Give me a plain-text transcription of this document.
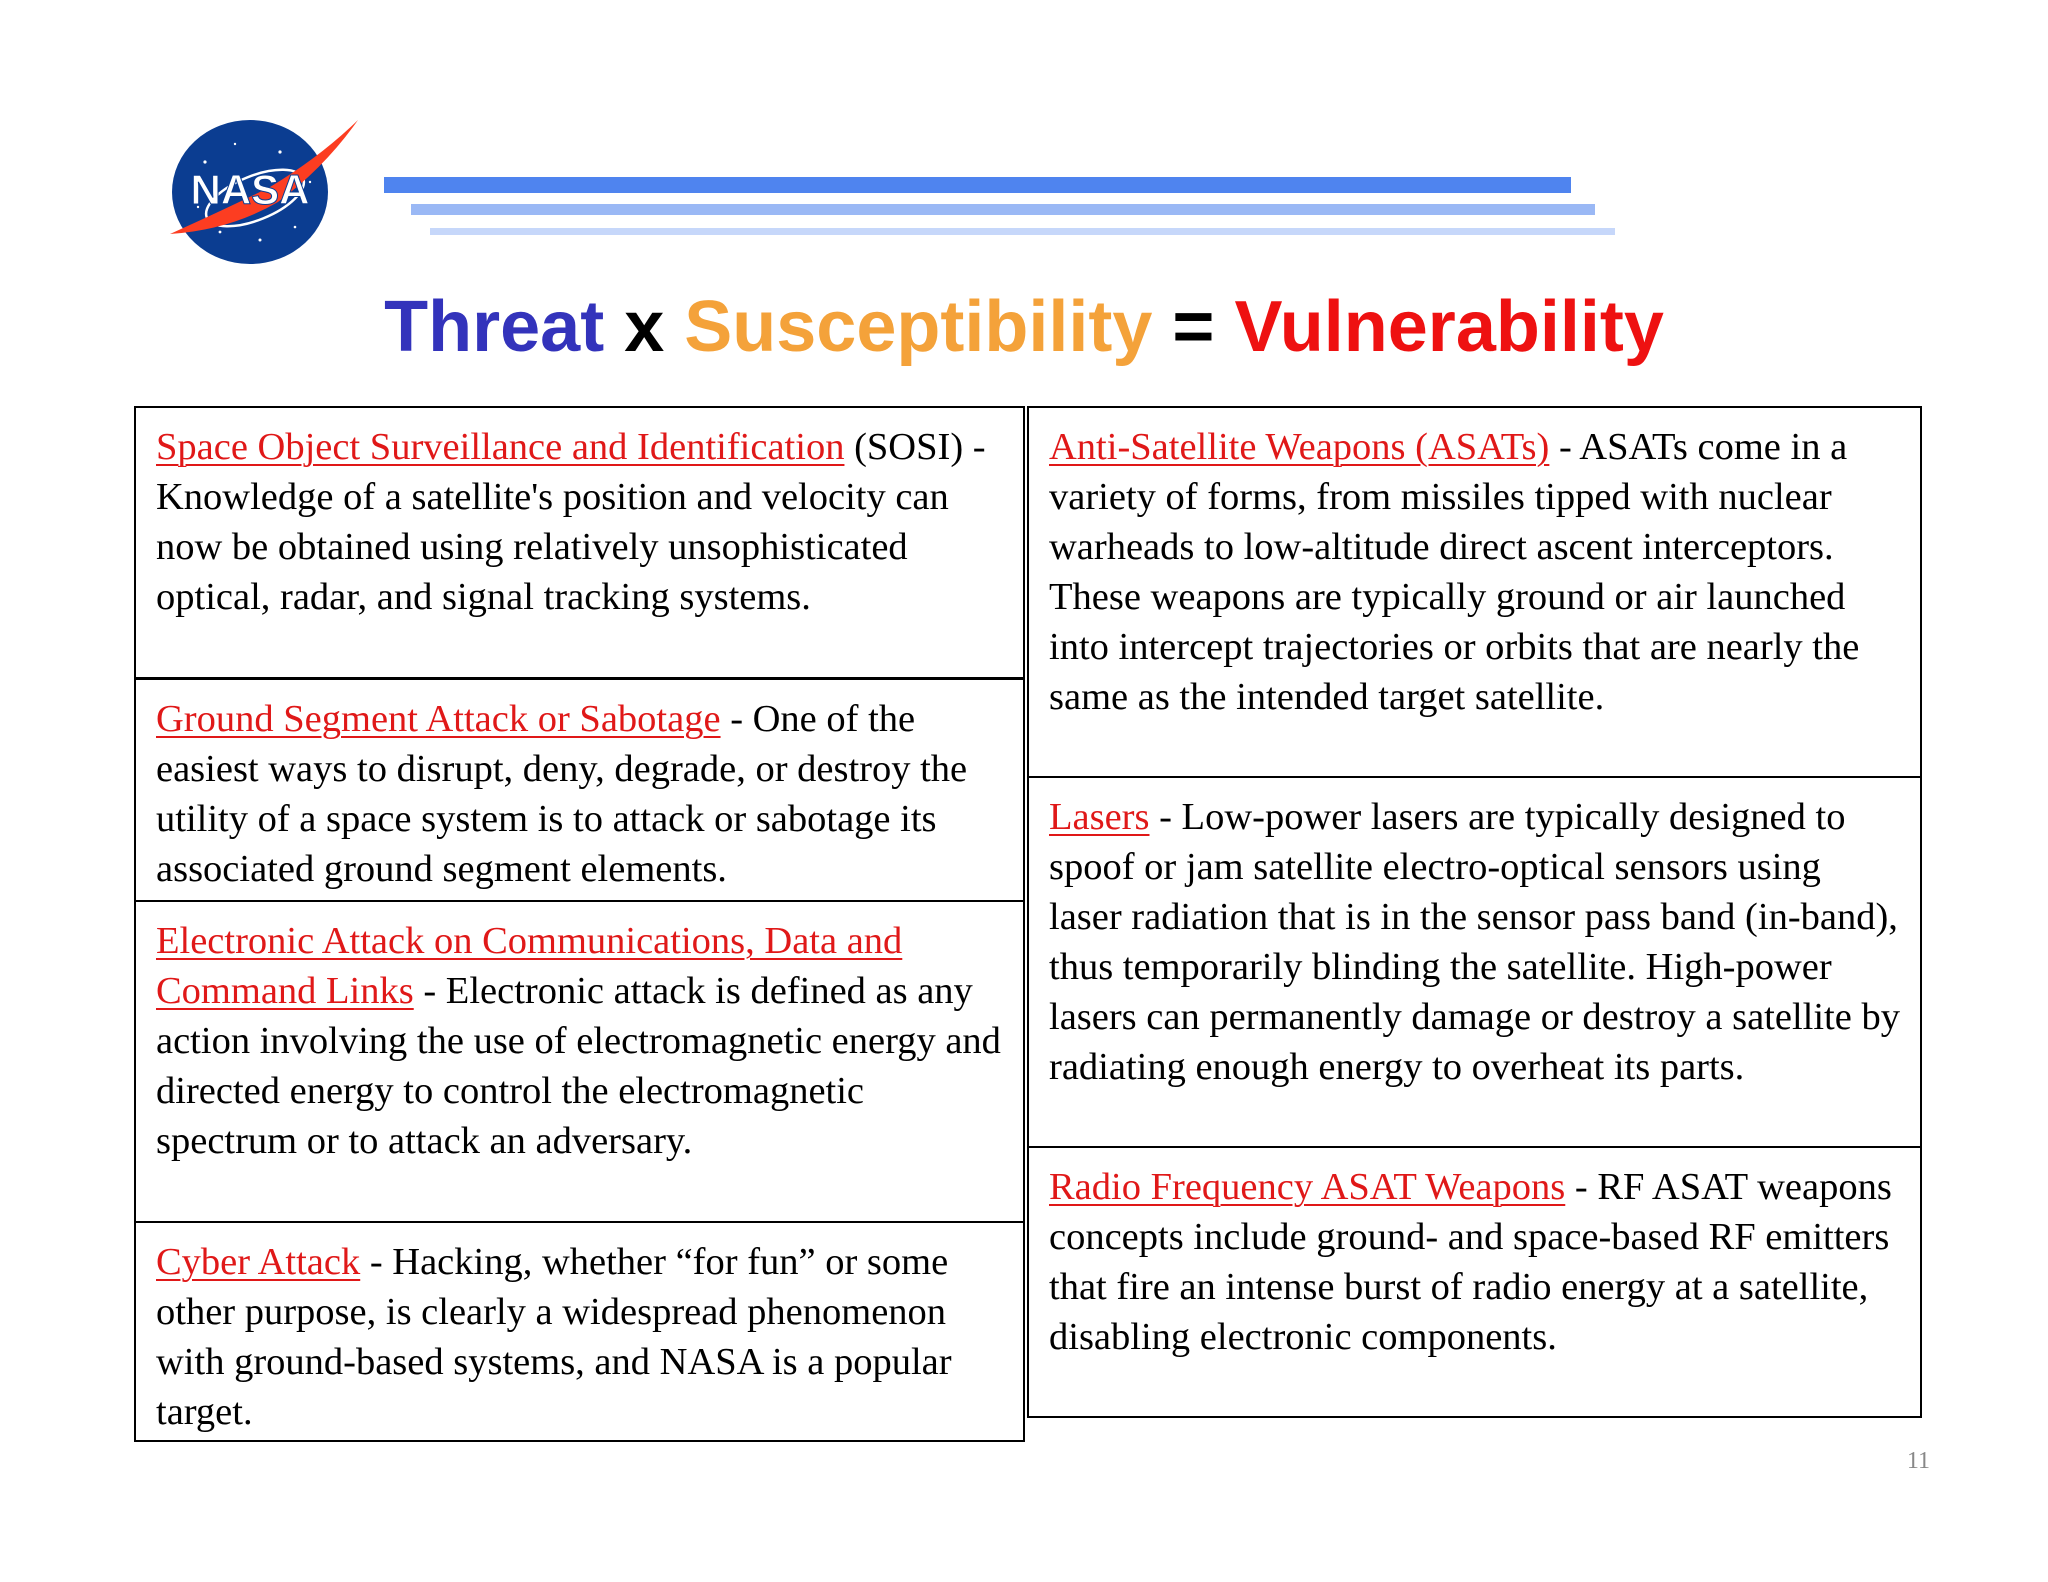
NASA
Threat x Susceptibility = Vulnerability
Space Object Surveillance and Identification (SOSI) - Knowledge of a satellite's position and velocity can now be obtained using relatively unsophisticated optical, radar, and signal tracking systems.
Ground Segment Attack or Sabotage - One of the easiest ways to disrupt, deny, degrade, or destroy the utility of a space system is to attack or sabotage its associated ground segment elements.
Electronic Attack on Communications, Data and Command Links - Electronic attack is defined as any action involving the use of electromagnetic energy and directed energy to control the electromagnetic spectrum or to attack an adversary.
Cyber Attack - Hacking, whether “for fun” or some other purpose, is clearly a widespread phenomenon with ground-based systems, and NASA is a popular target.
Anti-Satellite Weapons (ASATs) - ASATs come in a variety of forms, from missiles tipped with nuclear warheads to low-altitude direct ascent interceptors. These weapons are typically ground or air launched into intercept trajectories or orbits that are nearly the same as the intended target satellite.
Lasers - Low-power lasers are typically designed to spoof or jam satellite electro-optical sensors using laser radiation that is in the sensor pass band (in-band), thus temporarily blinding the satellite. High-power lasers can permanently damage or destroy a satellite by radiating enough energy to overheat its parts.
Radio Frequency ASAT Weapons - RF ASAT weapons concepts include ground- and space-based RF emitters that fire an intense burst of radio energy at a satellite, disabling electronic components.
11
